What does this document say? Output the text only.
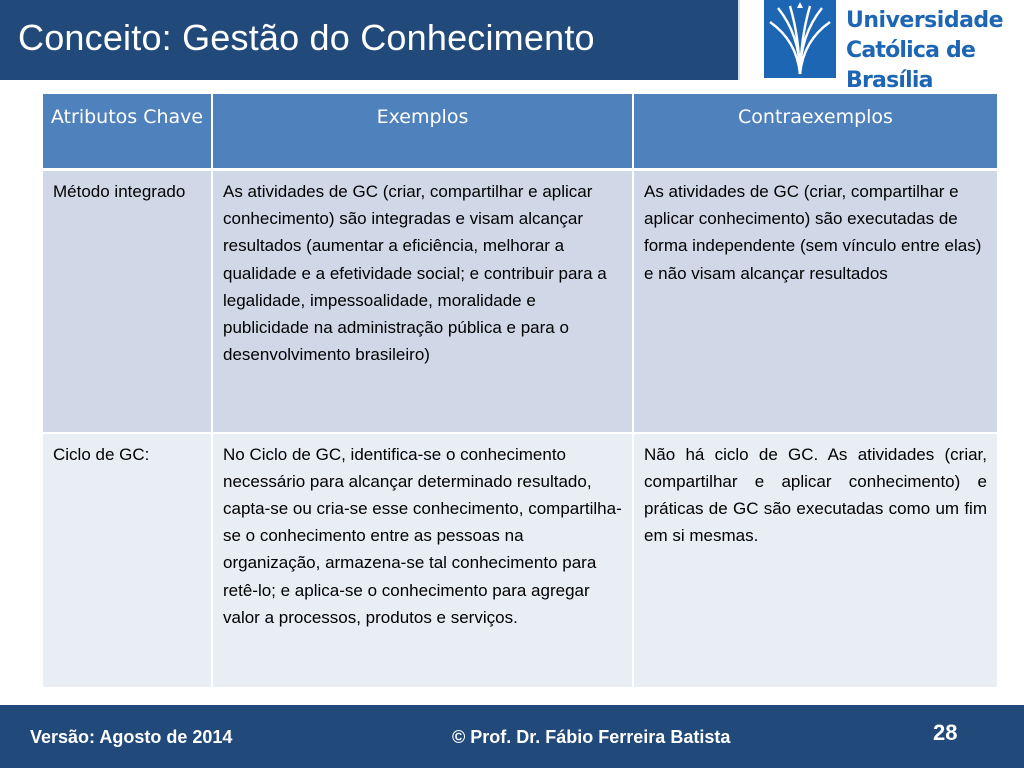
Conceito: Gestão do Conhecimento	Universidade
Católica de Brasília
Atributos Chave	Exemplos	Contraexemplos
Método integrado	As atividades de GC (criar, compartilhar e aplicar conhecimento) são integradas e visam alcançar resultados (aumentar a eficiência, melhorar a qualidade e a efetividade social; e contribuir para a legalidade, impessoalidade, moralidade e publicidade na administração pública e para o desenvolvimento brasileiro)	As atividades de GC (criar, compartilhar e aplicar conhecimento) são executadas de forma independente (sem vínculo entre elas) e não visam alcançar resultados
Ciclo de GC:	No Ciclo de GC, identifica-se o conhecimento necessário para alcançar determinado resultado, capta-se ou cria-se esse conhecimento, compartilha-se o conhecimento entre as pessoas na organização, armazena-se tal conhecimento para retê-lo; e aplica-se o conhecimento para agregar valor a processos, produtos e serviços.	Não há ciclo de GC. As atividades (criar, compartilhar e aplicar conhecimento) e práticas de GC são executadas como um fim em si mesmas.
Versão: Agosto de 2014	© Prof. Dr. Fábio Ferreira Batista	28
